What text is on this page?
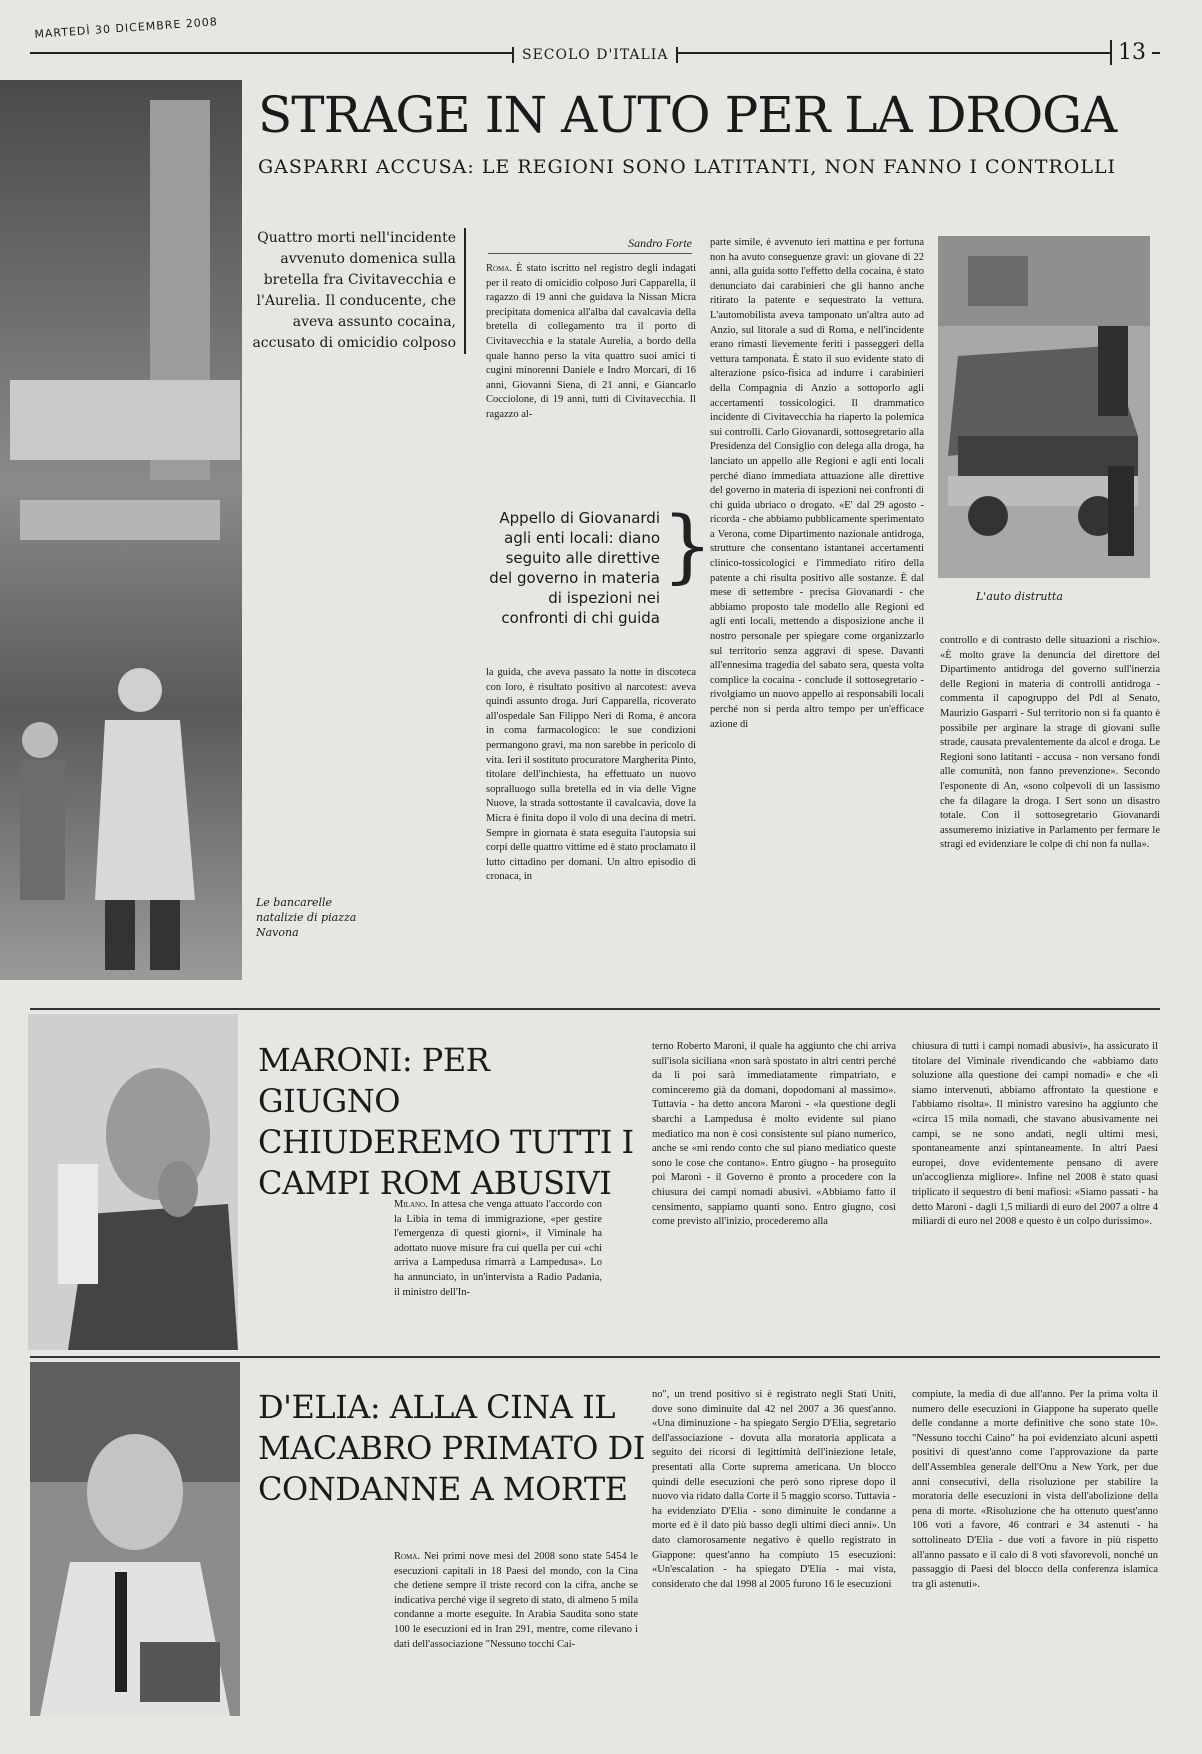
MARTEDÌ 30 DICEMBRE 2008
SECOLO D'ITALIA	13
Le bancarelle natalizie di piazza Navona
STRAGE IN AUTO PER LA DROGA
GASPARRI ACCUSA: LE REGIONI SONO LATITANTI, NON FANNO I CONTROLLI
Quattro morti nell'incidente avvenuto domenica sulla bretella fra Civitavecchia e l'Aurelia. Il conducente, che aveva assunto cocaina, accusato di omicidio colposo
Sandro Forte
Roma. È stato iscritto nel registro degli indagati per il reato di omicidio colposo Juri Capparella, il ragazzo di 19 anni che guidava la Nissan Micra precipitata domenica all'alba dal cavalcavia della bretella di collegamento tra il porto di Civitavecchia e la statale Aurelia, a bordo della quale hanno perso la vita quattro suoi amici ti cugini minorenni Daniele e Indro Morcari, di 16 anni, Giovanni Siena, di 21 anni, e Giancarlo Cocciolone, di 19 anni, tutti di Civitavecchia. Il ragazzo al-
Appello di Giovanardi agli enti locali: diano seguito alle direttive del governo in materia di ispezioni nei confronti di chi guida
}
la guida, che aveva passato la notte in discoteca con loro, è risultato positivo al narcotest: aveva quindi assunto droga. Juri Capparella, ricoverato all'ospedale San Filippo Neri di Roma, è ancora in coma farmacologico: le sue condizioni permangono gravi, ma non sarebbe in pericolo di vita. Ieri il sostituto procuratore Margherita Pinto, titolare dell'inchiesta, ha effettuato un nuovo sopralluogo sulla bretella ed in via delle Vigne Nuove, la strada sottostante il cavalcavia, dove la Micra è finita dopo il volo di una decina di metri. Sempre in giornata è stata eseguita l'autopsia sui corpi delle quattro vittime ed è stato proclamato il lutto cittadino per domani. Un altro episodio di cronaca, in
parte simile, è avvenuto ieri mattina e per fortuna non ha avuto conseguenze gravi: un giovane di 22 anni, alla guida sotto l'effetto della cocaina, è stato denunciato dai carabinieri che gli hanno anche ritirato la patente e sequestrato la vettura. L'automobilista aveva tamponato un'altra auto ad Anzio, sul litorale a sud di Roma, e nell'incidente erano rimasti lievemente feriti i passeggeri della vettura tamponata. È stato il suo evidente stato di alterazione psico-fisica ad indurre i carabinieri della Compagnia di Anzio a sottoporlo agli accertamenti tossicologici. Il drammatico incidente di Civitavecchia ha riaperto la polemica sui controlli. Carlo Giovanardi, sottosegretario alla Presidenza del Consiglio con delega alla droga, ha lanciato un appello alle Regioni e agli enti locali perché diano immediata attuazione alle direttive del governo in materia di ispezioni nei confronti di chi guida ubriaco o drogato. «E' dal 29 agosto - ricorda - che abbiamo pubblicamente sperimentato a Verona, come Dipartimento nazionale antidroga, strutture che consentano istantanei accertamenti clinico-tossicologici e l'immediato ritiro della patente a chi risulta positivo alle sostanze. È dal mese di settembre - precisa Giovanardi - che abbiamo proposto tale modello alle Regioni ed agli enti locali, mettendo a disposizione anche il nostro personale per spiegare come organizzarlo sul territorio senza aggravi di spese. Davanti all'ennesima tragedia del sabato sera, questa volta complice la cocaina - conclude il sottosegretario - rivolgiamo un nuovo appello ai responsabili locali perché non si perda altro tempo per un'efficace azione di
L'auto distrutta
controllo e di contrasto delle situazioni a rischio». «È molto grave la denuncia del direttore del Dipartimento antidroga del governo sull'inerzia delle Regioni in materia di controlli antidroga - commenta il capogruppo del Pdl al Senato, Maurizio Gasparri - Sul territorio non si fa quanto è possibile per arginare la strage di giovani sulle strade, causata prevalentemente da alcol e droga. Le Regioni sono latitanti - accusa - non versano fondi alle comunità, non fanno prevenzione». Secondo l'esponente di An, «sono colpevoli di un lassismo che fa dilagare la droga. I Sert sono un disastro totale. Con il sottosegretario Giovanardi assumeremo iniziative in Parlamento per fermare le stragi ed evidenziare le colpe di chi non fa nulla».
MARONI: PER GIUGNO CHIUDEREMO TUTTI I CAMPI ROM ABUSIVI
Milano. In attesa che venga attuato l'accordo con la Libia in tema di immigrazione, «per gestire l'emergenza di questi giorni», il Viminale ha adottato nuove misure fra cui quella per cui «chi arriva a Lampedusa rimarrà a Lampedusa». Lo ha annunciato, in un'intervista a Radio Padania, il ministro dell'In-
terno Roberto Maroni, il quale ha aggiunto che chi arriva sull'isola siciliana «non sarà spostato in altri centri perché da lì poi sarà immediatamente rimpatriato, e cominceremo già da domani, dopodomani al massimo». Tuttavia - ha detto ancora Maroni - «la questione degli sbarchi a Lampedusa è molto evidente sul piano mediatico ma non è così consistente sul piano numerico, anche se «mi rendo conto che sul piano mediatico queste sono le cose che contano». Entro giugno - ha proseguito poi Maroni - il Governo è pronto a procedere con la chiusura dei campi nomadi abusivi. «Abbiamo fatto il censimento, sappiamo quanti sono. Entro giugno, così come previsto all'inizio, procederemo alla
chiusura di tutti i campi nomadi abusivi», ha assicurato il titolare del Viminale rivendicando che «abbiamo dato soluzione alla questione dei campi nomadi» e che «lì siamo intervenuti, abbiamo affrontato la questione e l'abbiamo risolta». Il ministro varesino ha aggiunto che «circa 15 mila nomadi, che stavano abusivamente nei campi, se ne sono andati, negli ultimi mesi, spontaneamente anzi spintaneamente. In altri Paesi europei, dove evidentemente pensano di avere un'accoglienza migliore». Infine nel 2008 è stato quasi triplicato il sequestro di beni mafiosi: «Siamo passati - ha detto Maroni - dagli 1,5 miliardi di euro del 2007 a oltre 4 miliardi di euro nel 2008 e questo è un colpo durissimo».
D'ELIA: ALLA CINA IL MACABRO PRIMATO DI CONDANNE A MORTE
Roma. Nei primi nove mesi del 2008 sono state 5454 le esecuzioni capitali in 18 Paesi del mondo, con la Cina che detiene sempre il triste record con la cifra, anche se indicativa perché vige il segreto di stato, di almeno 5 mila condanne a morte eseguite. In Arabia Saudita sono state 100 le esecuzioni ed in Iran 291, mentre, come rilevano i dati dell'associazione "Nessuno tocchi Cai-
no", un trend positivo si è registrato negli Stati Uniti, dove sono diminuite dal 42 nel 2007 a 36 quest'anno. «Una diminuzione - ha spiegato Sergio D'Elia, segretario dell'associazione - dovuta alla moratoria applicata a seguito dei ricorsi di legittimità dell'iniezione letale, presentati alla Corte suprema americana. Un blocco quindi delle esecuzioni che però sono riprese dopo il nuovo via ridato dalla Corte il 5 maggio scorso. Tuttavia - ha evidenziato D'Elia - sono diminuite le condanne a morte ed è il dato più basso degli ultimi dieci anni». Un dato clamorosamente negativo è quello registrato in Giappone: quest'anno ha compiuto 15 esecuzioni: «Un'escalation - ha spiegato D'Elia - mai vista, considerato che dal 1998 al 2005 furono 16 le esecuzioni
compiute, la media di due all'anno. Per la prima volta il numero delle esecuzioni in Giappone ha superato quelle delle condanne a morte definitive che sono state 10». "Nessuno tocchi Caino" ha poi evidenziato alcuni aspetti positivi di quest'anno come l'approvazione da parte dell'Assemblea generale dell'Onu a New York, per due anni consecutivi, della risoluzione per stabilire la moratoria delle esecuzioni in vista dell'abolizione della pena di morte. «Risoluzione che ha ottenuto quest'anno 106 voti a favore, 46 contrari e 34 astenuti - ha sottolineato D'Elia - due voti a favore in più rispetto all'anno passato e il calo di 8 voti sfavorevoli, nonché un passaggio di Paesi del blocco della conferenza islamica tra gli astenuti».
